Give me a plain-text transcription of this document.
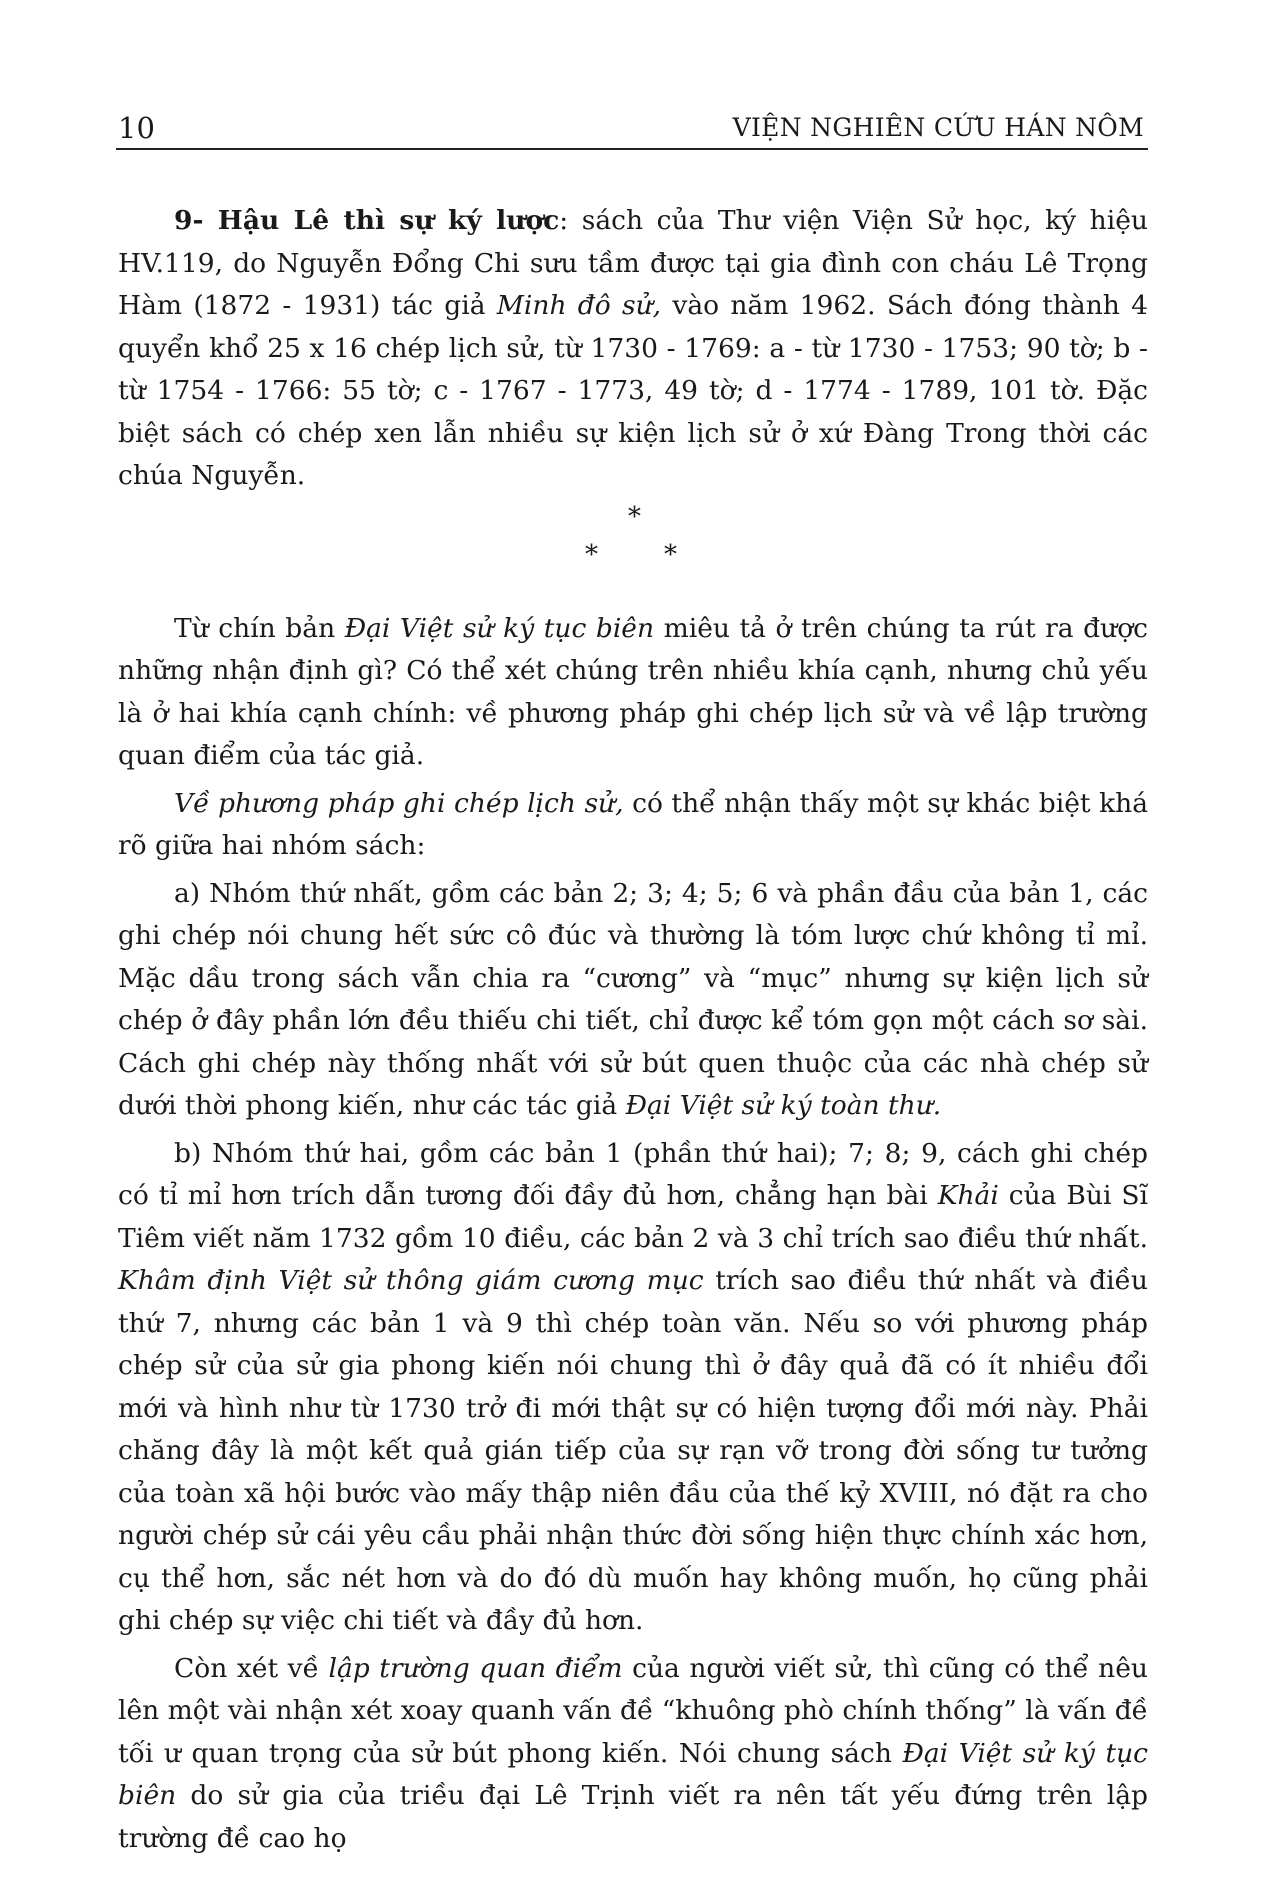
10	VIỆN NGHIÊN CỨU HÁN NÔM

9- Hậu Lê thì sự ký lược: sách của Thư viện Viện Sử học, ký hiệu HV.119, do Nguyễn Đổng Chi sưu tầm được tại gia đình con cháu Lê Trọng Hàm (1872 - 1931) tác giả Minh đô sử, vào năm 1962. Sách đóng thành 4 quyển khổ 25 x 16 chép lịch sử, từ 1730 - 1769: a - từ 1730 - 1753; 90 tờ; b - từ 1754 - 1766: 55 tờ; c - 1767 - 1773, 49 tờ; d - 1774 - 1789, 101 tờ. Đặc biệt sách có chép xen lẫn nhiều sự kiện lịch sử ở xứ Đàng Trong thời các chúa Nguyễn.

*
*	*

Từ chín bản Đại Việt sử ký tục biên miêu tả ở trên chúng ta rút ra được những nhận định gì? Có thể xét chúng trên nhiều khía cạnh, nhưng chủ yếu là ở hai khía cạnh chính: về phương pháp ghi chép lịch sử và về lập trường quan điểm của tác giả.

Về phương pháp ghi chép lịch sử, có thể nhận thấy một sự khác biệt khá rõ giữa hai nhóm sách:

a) Nhóm thứ nhất, gồm các bản 2; 3; 4; 5; 6 và phần đầu của bản 1, các ghi chép nói chung hết sức cô đúc và thường là tóm lược chứ không tỉ mỉ. Mặc dầu trong sách vẫn chia ra “cương” và “mục” nhưng sự kiện lịch sử chép ở đây phần lớn đều thiếu chi tiết, chỉ được kể tóm gọn một cách sơ sài. Cách ghi chép này thống nhất với sử bút quen thuộc của các nhà chép sử dưới thời phong kiến, như các tác giả Đại Việt sử ký toàn thư.

b) Nhóm thứ hai, gồm các bản 1 (phần thứ hai); 7; 8; 9, cách ghi chép có tỉ mỉ hơn trích dẫn tương đối đầy đủ hơn, chẳng hạn bài Khải của Bùi Sĩ Tiêm viết năm 1732 gồm 10 điều, các bản 2 và 3 chỉ trích sao điều thứ nhất. Khâm định Việt sử thông giám cương mục trích sao điều thứ nhất và điều thứ 7, nhưng các bản 1 và 9 thì chép toàn văn. Nếu so với phương pháp chép sử của sử gia phong kiến nói chung thì ở đây quả đã có ít nhiều đổi mới và hình như từ 1730 trở đi mới thật sự có hiện tượng đổi mới này. Phải chăng đây là một kết quả gián tiếp của sự rạn vỡ trong đời sống tư tưởng của toàn xã hội bước vào mấy thập niên đầu của thế kỷ XVIII, nó đặt ra cho người chép sử cái yêu cầu phải nhận thức đời sống hiện thực chính xác hơn, cụ thể hơn, sắc nét hơn và do đó dù muốn hay không muốn, họ cũng phải ghi chép sự việc chi tiết và đầy đủ hơn.

Còn xét về lập trường quan điểm của người viết sử, thì cũng có thể nêu lên một vài nhận xét xoay quanh vấn đề “khuông phò chính thống” là vấn đề tối ư quan trọng của sử bút phong kiến. Nói chung sách Đại Việt sử ký tục biên do sử gia của triều đại Lê Trịnh viết ra nên tất yếu đứng trên lập trường đề cao họ
